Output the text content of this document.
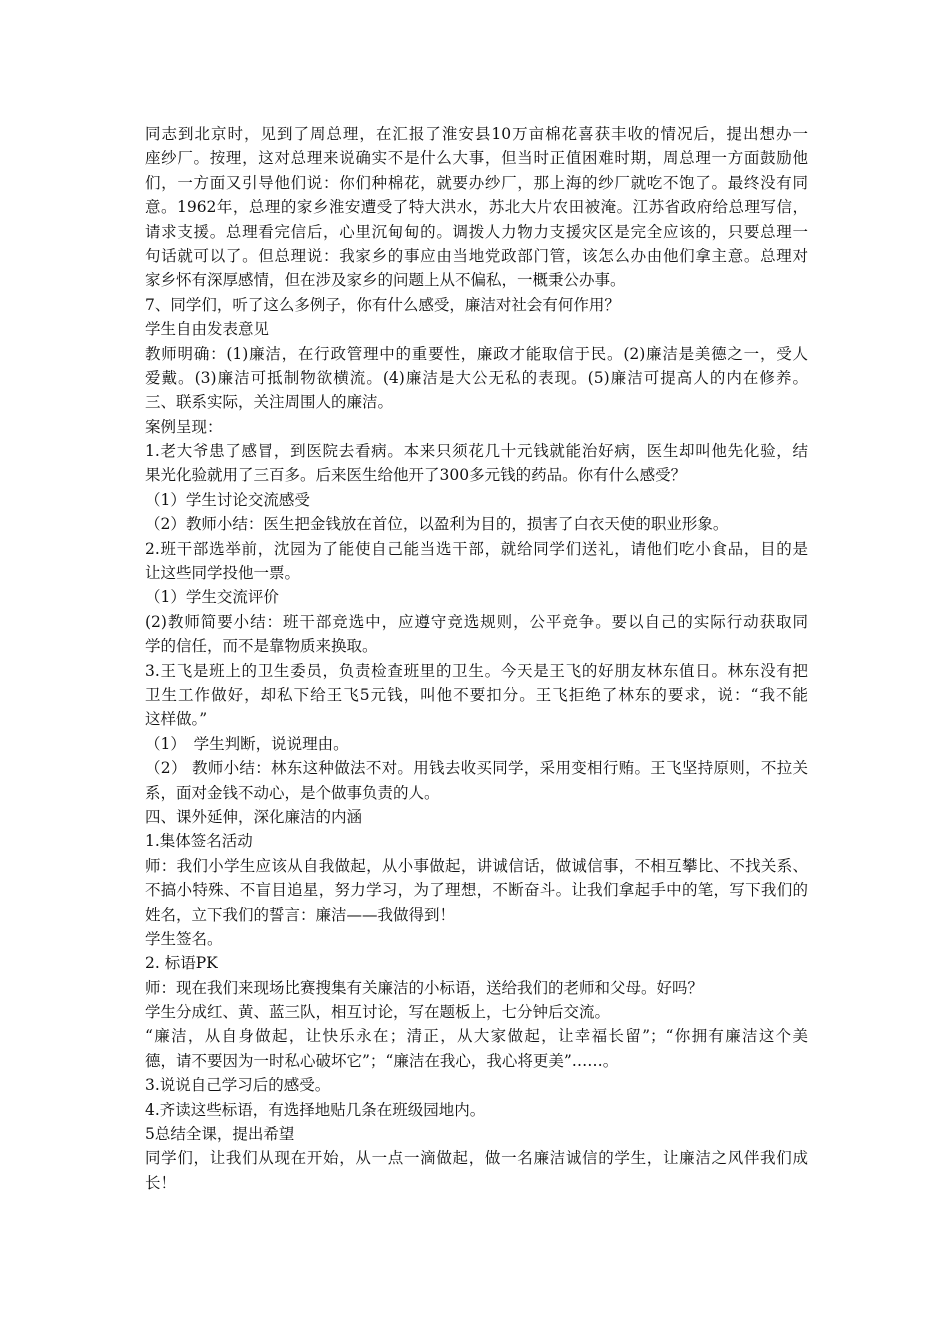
同志到北京时，见到了周总理，在汇报了淮安县10万亩棉花喜获丰收的情况后，提出想办一
座纱厂。按理，这对总理来说确实不是什么大事，但当时正值困难时期，周总理一方面鼓励他
们，一方面又引导他们说：你们种棉花，就要办纱厂，那上海的纱厂就吃不饱了。最终没有同
意。1962年，总理的家乡淮安遭受了特大洪水，苏北大片农田被淹。江苏省政府给总理写信，
请求支援。总理看完信后，心里沉甸甸的。调拨人力物力支援灾区是完全应该的，只要总理一
句话就可以了。但总理说：我家乡的事应由当地党政部门管，该怎么办由他们拿主意。总理对
家乡怀有深厚感情，但在涉及家乡的问题上从不偏私，一概秉公办事。
7、同学们，听了这么多例子，你有什么感受，廉洁对社会有何作用？
学生自由发表意见
教师明确：(1)廉洁，在行政管理中的重要性，廉政才能取信于民。(2)廉洁是美德之一，受人
爱戴。(3)廉洁可抵制物欲横流。(4)廉洁是大公无私的表现。(5)廉洁可提高人的内在修养。
三、联系实际，关注周围人的廉洁。
案例呈现：
1.老大爷患了感冒，到医院去看病。本来只须花几十元钱就能治好病，医生却叫他先化验，结
果光化验就用了三百多。后来医生给他开了300多元钱的药品。你有什么感受？
（1）学生讨论交流感受
（2）教师小结：医生把金钱放在首位，以盈利为目的，损害了白衣天使的职业形象。
2.班干部选举前，沈园为了能使自己能当选干部，就给同学们送礼，请他们吃小食品，目的是
让这些同学投他一票。
（1）学生交流评价
(2)教师简要小结：班干部竞选中，应遵守竞选规则，公平竞争。要以自己的实际行动获取同
学的信任，而不是靠物质来换取。
3.王飞是班上的卫生委员，负责检查班里的卫生。今天是王飞的好朋友林东值日。林东没有把
卫生工作做好，却私下给王飞5元钱，叫他不要扣分。王飞拒绝了林东的要求，说：“我不能
这样做。”
（1）　学生判断，说说理由。
（2） 教师小结：林东这种做法不对。用钱去收买同学，采用变相行贿。王飞坚持原则，不拉关
系，面对金钱不动心，是个做事负责的人。
四、课外延伸，深化廉洁的内涵
1.集体签名活动
师：我们小学生应该从自我做起，从小事做起，讲诚信话，做诚信事，不相互攀比、不找关系、
不搞小特殊、不盲目追星，努力学习，为了理想，不断奋斗。让我们拿起手中的笔，写下我们的
姓名，立下我们的誓言：廉洁——我做得到！
学生签名。
2. 标语PK
师：现在我们来现场比赛搜集有关廉洁的小标语，送给我们的老师和父母。好吗？
学生分成红、黄、蓝三队，相互讨论，写在题板上，七分钟后交流。
“廉洁，从自身做起，让快乐永在；清正，从大家做起，让幸福长留”；“你拥有廉洁这个美
德，请不要因为一时私心破坏它”；“廉洁在我心，我心将更美”……。
3.说说自己学习后的感受。
4.齐读这些标语，有选择地贴几条在班级园地内。
5总结全课，提出希望
同学们，让我们从现在开始，从一点一滴做起，做一名廉洁诚信的学生，让廉洁之风伴我们成
长！
